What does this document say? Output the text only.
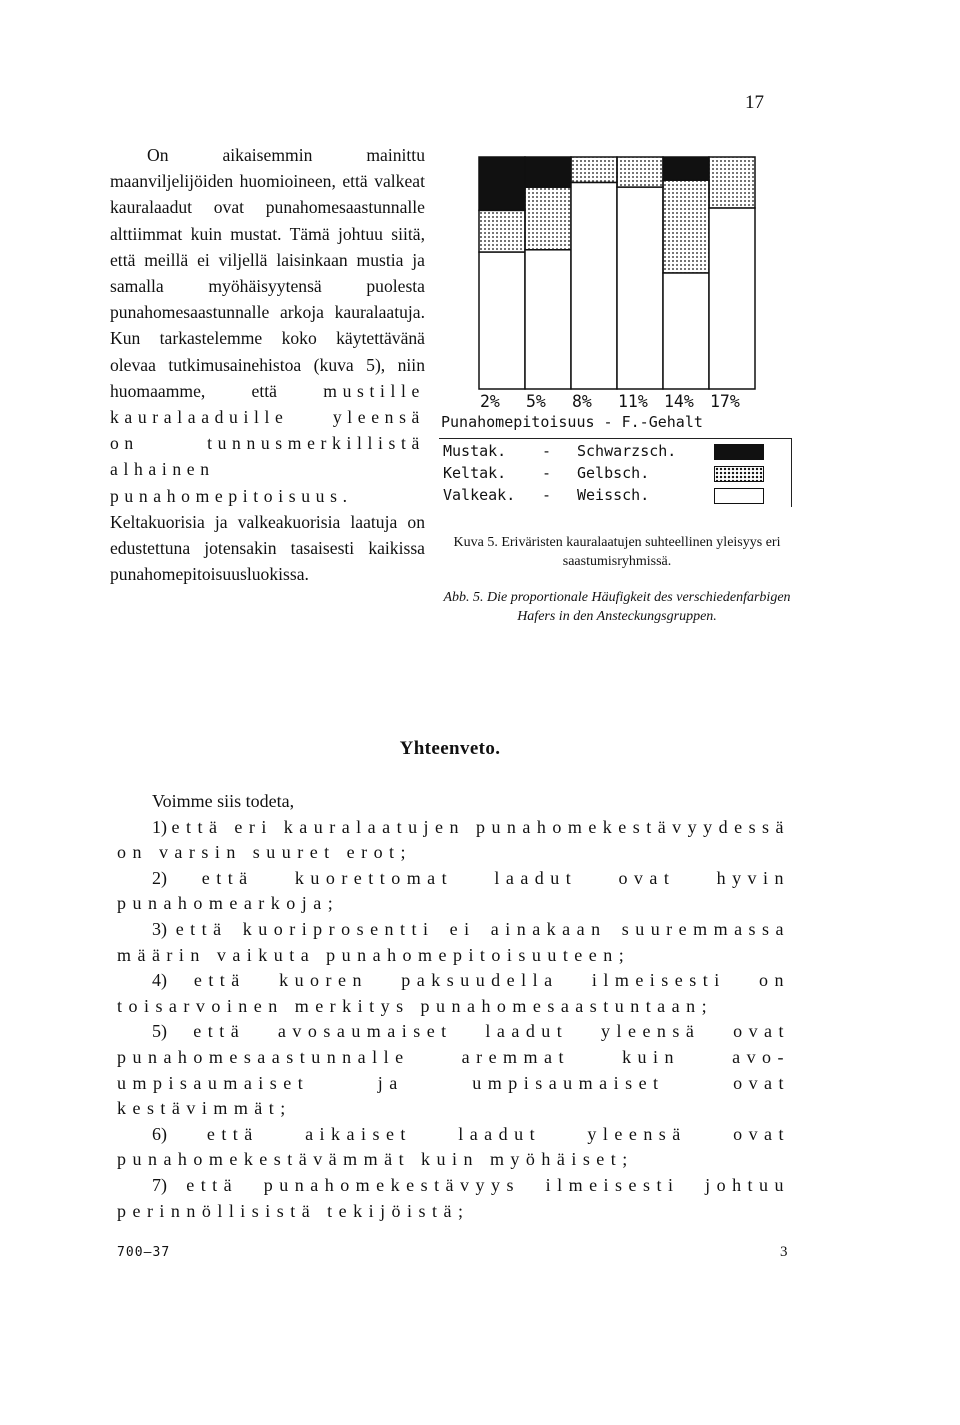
17

On aikaisemmin mainittu maanviljelijöiden huomioineen, että valkeat kauralaadut ovat punahomesaastunnalle alttiimmat kuin mustat. Tämä johtuu siitä, että meillä ei viljellä laisinkaan mustia ja samalla myöhäisyytensä puolesta punahomesaastunnalle arkoja kauralaatuja. Kun tarkastelemme koko käytettävänä olevaa tutkimusainehistoa (kuva 5), niin huomaamme, että mustille kauralaaduille yleensä on tunnusmerkillistä alhainen punahomepitoisuus. Keltakuorisia ja valkeakuorisia laatuja on edustettuna jotensakin tasaisesti kaikissa punahomepitoisuusluokissa.

2% 5% 8% 11% 14% 17%
Punahomepitoisuus - F.-Gehalt
Mustak. - Schwarzsch.
Keltak. - Gelbsch.
Valkeak. - Weissch.
Kuva 5. Eriväristen kauralaatujen suhteellinen yleisyys eri saastumisryhmissä.
Abb. 5. Die proportionale Häufigkeit des verschiedenfarbigen Hafers in den Ansteckungsgruppen.
Yhteenveto.

Voimme siis todeta,

1) että eri kauralaatujen punahomekestävyydessä on varsin suuret erot;

2) että kuorettomat laadut ovat hyvin punahomearkoja;

3) että kuoriprosentti ei ainakaan suuremmassa määrin vaikuta punahomepitoisuuteen;

4) että kuoren paksuudella ilmeisesti on toisarvoinen merkitys punahomesaastuntaan;

5) että avosaumaiset laadut yleensä ovat punahomesaastunnalle aremmat kuin avo-umpisaumaiset ja umpisaumaiset ovat kestävimmät;

6) että aikaiset laadut yleensä ovat punahomekestävämmät kuin myöhäiset;

7) että punahomekestävyys ilmeisesti johtuu perinnöllisistä tekijöistä;

700—37	3
